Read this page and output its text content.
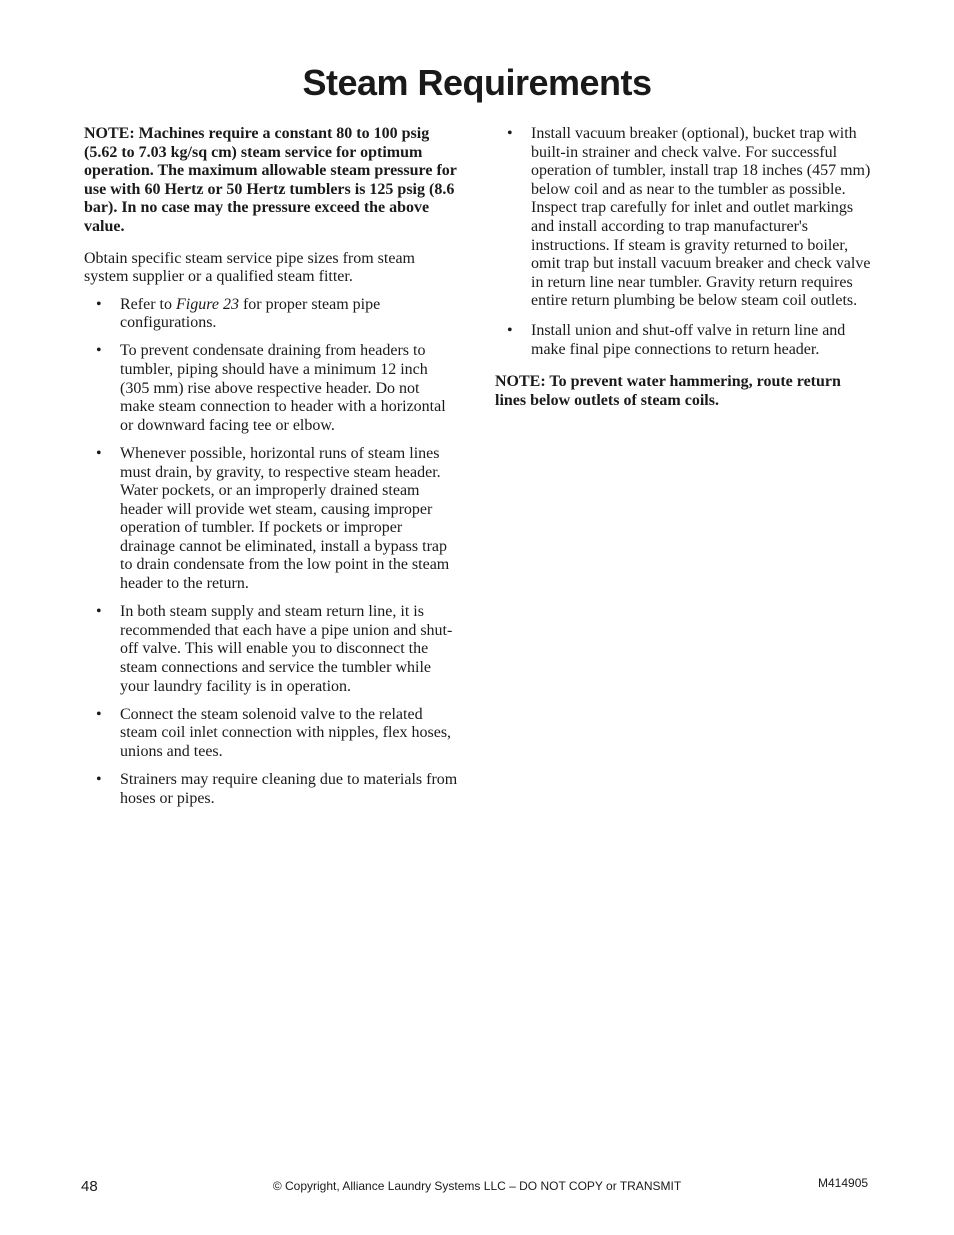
Steam Requirements

NOTE: Machines require a constant 80 to 100 psig (5.62 to 7.03 kg/sq cm) steam service for optimum operation. The maximum allowable steam pressure for use with 60 Hertz or 50 Hertz tumblers is 125 psig (8.6 bar). In no case may the pressure exceed the above value.

Obtain specific steam service pipe sizes from steam system supplier or a qualified steam fitter.

• Refer to Figure 23 for proper steam pipe configurations.
• To prevent condensate draining from headers to tumbler, piping should have a minimum 12 inch (305 mm) rise above respective header. Do not make steam connection to header with a horizontal or downward facing tee or elbow.
• Whenever possible, horizontal runs of steam lines must drain, by gravity, to respective steam header. Water pockets, or an improperly drained steam header will provide wet steam, causing improper operation of tumbler. If pockets or improper drainage cannot be eliminated, install a bypass trap to drain condensate from the low point in the steam header to the return.
• In both steam supply and steam return line, it is recommended that each have a pipe union and shut-off valve. This will enable you to disconnect the steam connections and service the tumbler while your laundry facility is in operation.
• Connect the steam solenoid valve to the related steam coil inlet connection with nipples, flex hoses, unions and tees.
• Strainers may require cleaning due to materials from hoses or pipes.
• Install vacuum breaker (optional), bucket trap with built-in strainer and check valve. For successful operation of tumbler, install trap 18 inches (457 mm) below coil and as near to the tumbler as possible. Inspect trap carefully for inlet and outlet markings and install according to trap manufacturer's instructions. If steam is gravity returned to boiler, omit trap but install vacuum breaker and check valve in return line near tumbler. Gravity return requires entire return plumbing be below steam coil outlets.
• Install union and shut-off valve in return line and make final pipe connections to return header.

NOTE: To prevent water hammering, route return lines below outlets of steam coils.

48	© Copyright, Alliance Laundry Systems LLC – DO NOT COPY or TRANSMIT	M414905
